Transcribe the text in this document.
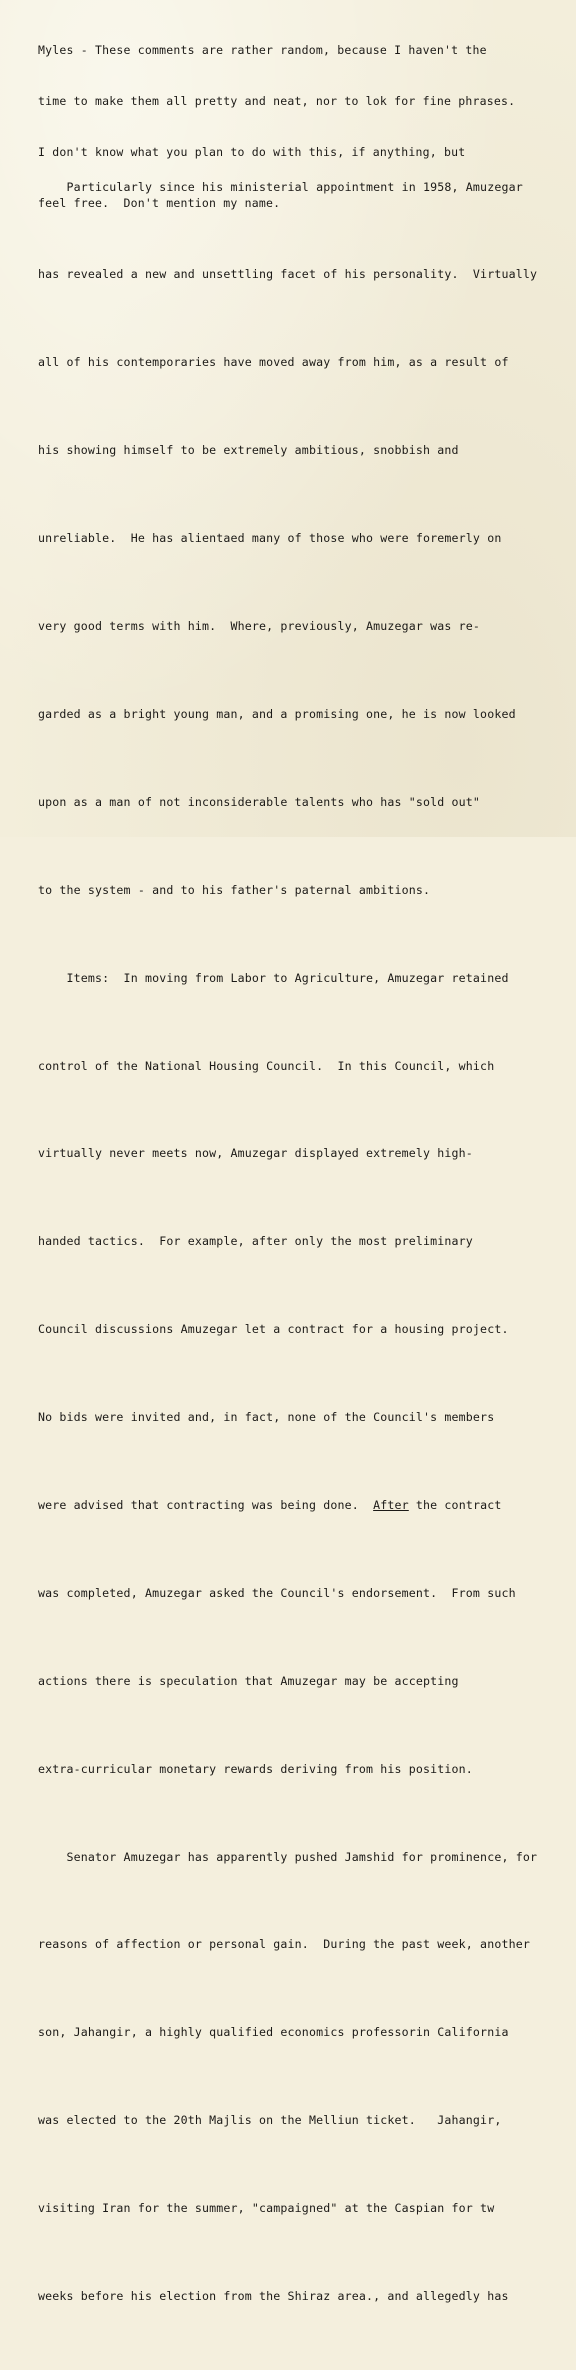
Myles - These comments are rather random, because I haven't the

time to make them all pretty and neat, nor to lok for fine phrases.

I don't know what you plan to do with this, if anything, but

feel free.  Don't mention my name.

Particularly since his ministerial appointment in 1958, Amuzegar

has revealed a new and unsettling facet of his personality.  Virtually

all of his contemporaries have moved away from him, as a result of

his showing himself to be extremely ambitious, snobbish and

unreliable.  He has alientaed many of those who were foremerly on

very good terms with him.  Where, previously, Amuzegar was re-

garded as a bright young man, and a promising one, he is now looked

upon as a man of not inconsiderable talents who has "sold out"

to the system - and to his father's paternal ambitions.

Items:  In moving from Labor to Agriculture, Amuzegar retained

control of the National Housing Council.  In this Council, which

virtually never meets now, Amuzegar displayed extremely high-

handed tactics.  For example, after only the most preliminary

Council discussions Amuzegar let a contract for a housing project.

No bids were invited and, in fact, none of the Council's members

were advised that contracting was being done.  After the contract

was completed, Amuzegar asked the Council's endorsement.  From such

actions there is speculation that Amuzegar may be accepting

extra-curricular monetary rewards deriving from his position.

Senator Amuzegar has apparently pushed Jamshid for prominence, for

reasons of affection or personal gain.  During the past week, another

son, Jahangir, a highly qualified economics professorin California

was elected to the 20th Majlis on the Melliun ticket.   Jahangir,

visiting Iran for the summer, "campaigned" at the Caspian for tw

weeks before his election from the Shiraz area., and allegedly has
